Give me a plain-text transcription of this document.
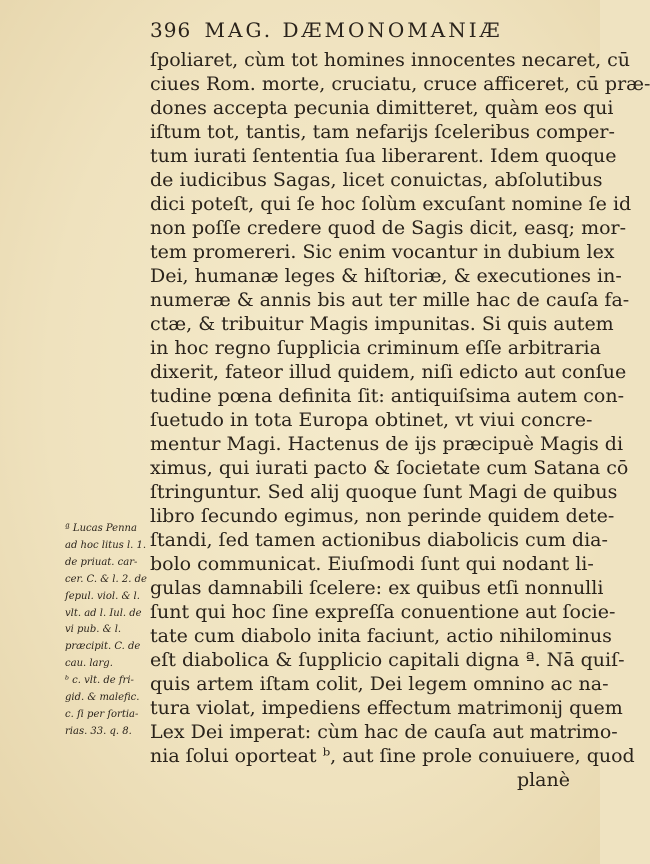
396 MAG. DÆMONOMANIÆ
ſpoliaret, cùm tot homines innocentes necaret, cū
ciues Rom. morte, cruciatu, cruce afficeret, cū præ-
dones accepta pecunia dimitteret, quàm eos qui
iſtum tot, tantis, tam nefarijs ſceleribus comper-
tum iurati ſententia ſua liberarent. Idem quoque
de iudicibus Sagas, licet conuictas, abſolutibus
dici poteſt, qui ſe hoc ſolùm excuſant nomine ſe id
non poſſe credere quod de Sagis dicit, easq; mor-
tem promereri. Sic enim vocantur in dubium lex
Dei, humanæ leges & hiſtoriæ, & executiones in-
numeræ & annis bis aut ter mille hac de cauſa fa-
ctæ, & tribuitur Magis impunitas. Si quis autem
in hoc regno ſupplicia criminum eſſe arbitraria
dixerit, fateor illud quidem, niſi edicto aut conſue
tudine pœna definita ſit: antiquiſsima autem con-
ſuetudo in tota Europa obtinet, vt viui concre-
mentur Magi. Hactenus de ijs præcipuè Magis di
ximus, qui iurati pacto & ſocietate cum Satana cō
ſtringuntur. Sed alij quoque ſunt Magi de quibus
libro ſecundo egimus, non perinde quidem dete-
ſtandi, ſed tamen actionibus diabolicis cum dia-
bolo communicat. Eiuſmodi ſunt qui nodant li-
gulas damnabili ſcelere: ex quibus etſi nonnulli
ſunt qui hoc ſine expreſſa conuentione aut ſocie-
tate cum diabolo inita faciunt, actio nihilominus
eſt diabolica & ſupplicio capitali digna ª. Nā quiſ-
quis artem iſtam colit, Dei legem omnino ac na-
tura violat, impediens effectum matrimonij quem
Lex Dei imperat: cùm hac de cauſa aut matrimo-
nia ſolui oporteat ᵇ, aut ſine prole conuiuere, quod
planè
ª Lucas Penna
ad hoc litus l. 1.
de priuat. car-
cer. C. & l. 2. de
ſepul. viol. & l.
vlt. ad l. Iul. de
vi pub. & l.
præcipit. C. de
cau. larg.
ᵇ c. vlt. de fri-
gid. & malefic.
c. ſi per ſortia-
rias. 33. q. 8.
